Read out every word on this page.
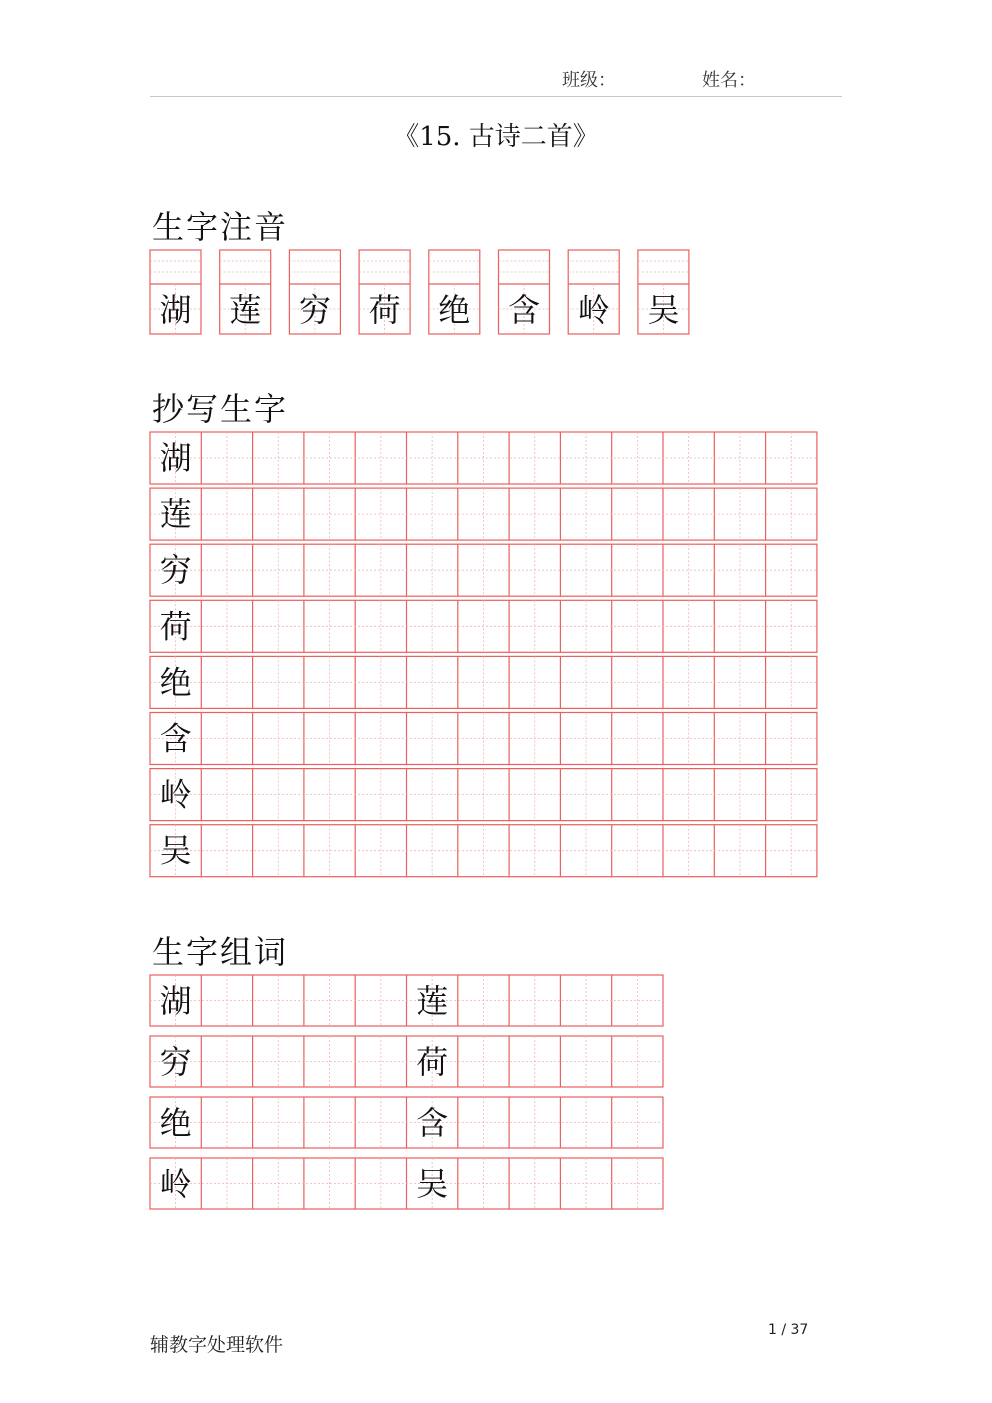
班级：	姓名：
《15. 古诗二首》
生字注音
抄写生字
生字组词
湖 莲 穷 荷 绝 含 岭 吴
湖
莲
穷
荷
绝
含
岭
吴
湖	莲
穷	荷
绝	含
岭	吴
辅教字处理软件
1 / 37
